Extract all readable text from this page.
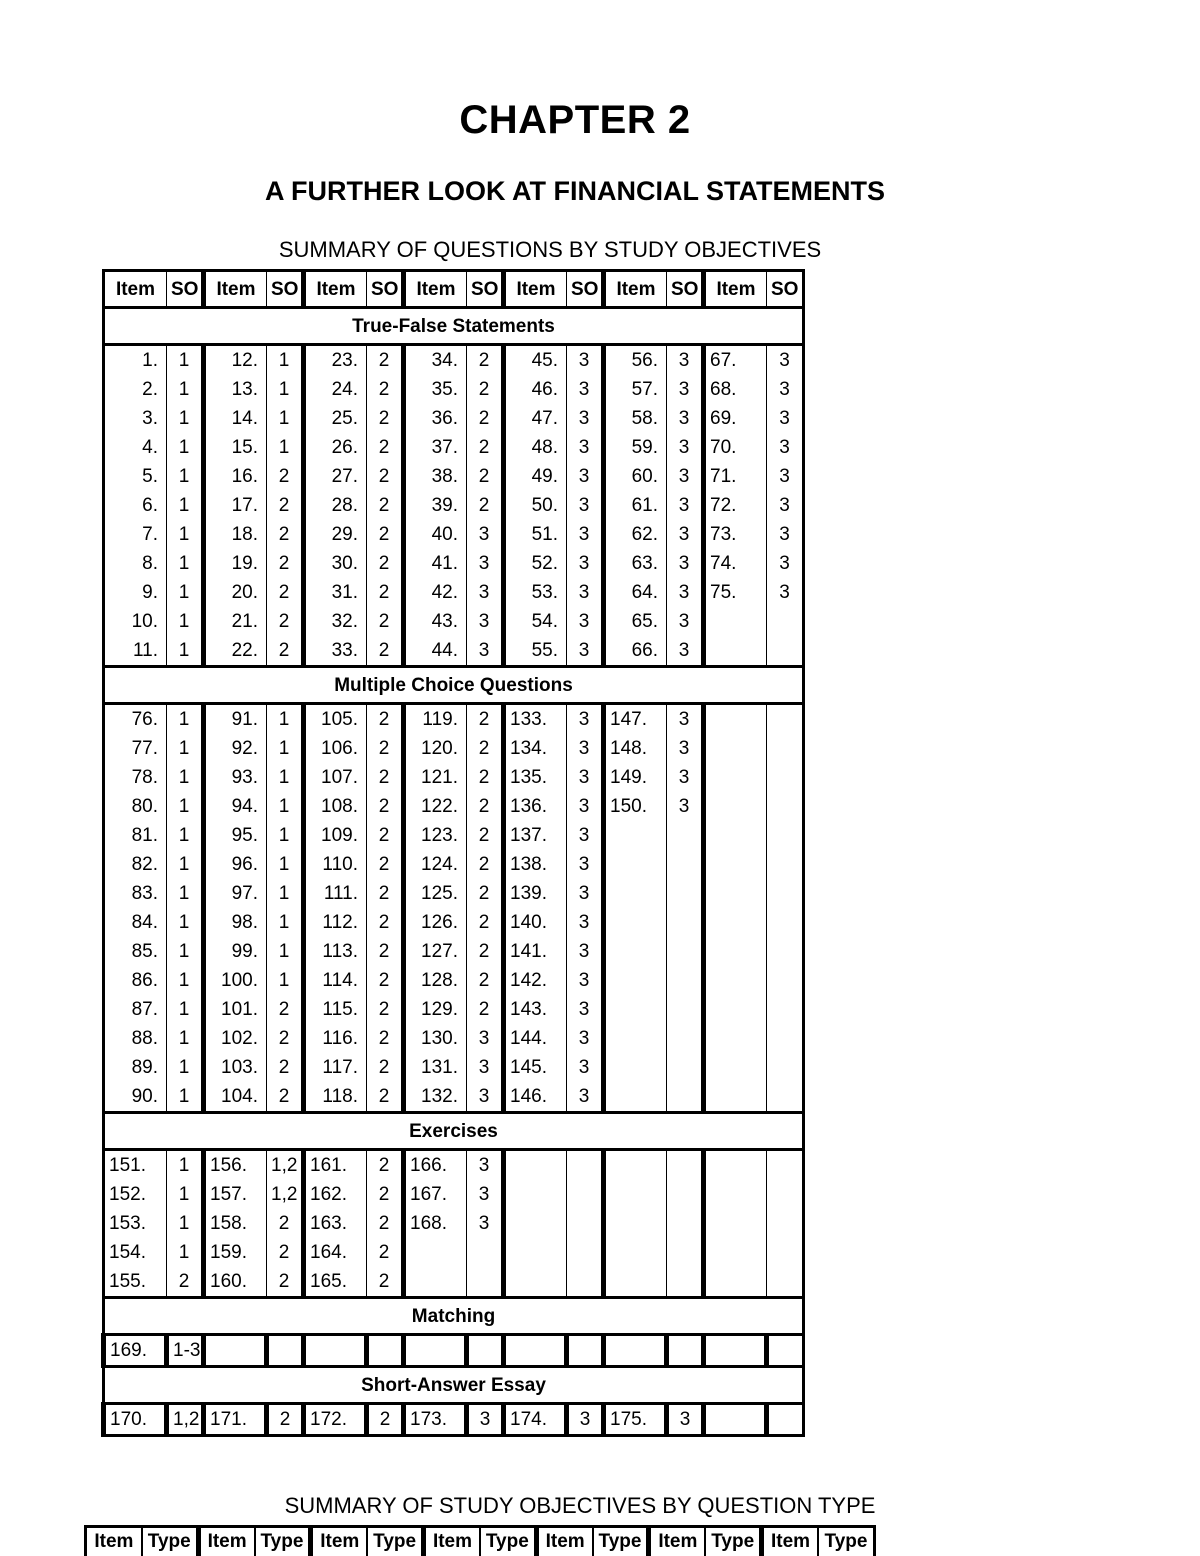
CHAPTER 2
A FURTHER LOOK AT FINANCIAL STATEMENTS
SUMMARY OF QUESTIONS BY STUDY OBJECTIVES
Item	SO	Item	SO	Item	SO	Item	SO	Item	SO	Item	SO	Item	SO
True-False Statements													
1.	1	12.	1	23.	2	34.	2	45.	3	56.	3	67.	3
2.	1	13.	1	24.	2	35.	2	46.	3	57.	3	68.	3
3.	1	14.	1	25.	2	36.	2	47.	3	58.	3	69.	3
4.	1	15.	1	26.	2	37.	2	48.	3	59.	3	70.	3
5.	1	16.	2	27.	2	38.	2	49.	3	60.	3	71.	3
6.	1	17.	2	28.	2	39.	2	50.	3	61.	3	72.	3
7.	1	18.	2	29.	2	40.	3	51.	3	62.	3	73.	3
8.	1	19.	2	30.	2	41.	3	52.	3	63.	3	74.	3
9.	1	20.	2	31.	2	42.	3	53.	3	64.	3	75.	3
10.	1	21.	2	32.	2	43.	3	54.	3	65.	3		
11.	1	22.	2	33.	2	44.	3	55.	3	66.	3		
Multiple Choice Questions													
76.	1	91.	1	105.	2	119.	2	133.	3	147.	3		
77.	1	92.	1	106.	2	120.	2	134.	3	148.	3		
78.	1	93.	1	107.	2	121.	2	135.	3	149.	3		
80.	1	94.	1	108.	2	122.	2	136.	3	150.	3		
81.	1	95.	1	109.	2	123.	2	137.	3				
82.	1	96.	1	110.	2	124.	2	138.	3				
83.	1	97.	1	111.	2	125.	2	139.	3				
84.	1	98.	1	112.	2	126.	2	140.	3				
85.	1	99.	1	113.	2	127.	2	141.	3				
86.	1	100.	1	114.	2	128.	2	142.	3				
87.	1	101.	2	115.	2	129.	2	143.	3				
88.	1	102.	2	116.	2	130.	3	144.	3				
89.	1	103.	2	117.	2	131.	3	145.	3				
90.	1	104.	2	118.	2	132.	3	146.	3				
Exercises													
151.	1	156.	1,2	161.	2	166.	3						
152.	1	157.	1,2	162.	2	167.	3						
153.	1	158.	2	163.	2	168.	3						
154.	1	159.	2	164.	2								
155.	2	160.	2	165.	2								
Matching													
169.	1-3												
Short-Answer Essay													
170.	1,2	171.	2	172.	2	173.	3	174.	3	175.	3		
SUMMARY OF STUDY OBJECTIVES BY QUESTION TYPE
Item	Type	Item	Type	Item	Type	Item	Type	Item	Type	Item	Type	Item	Type
